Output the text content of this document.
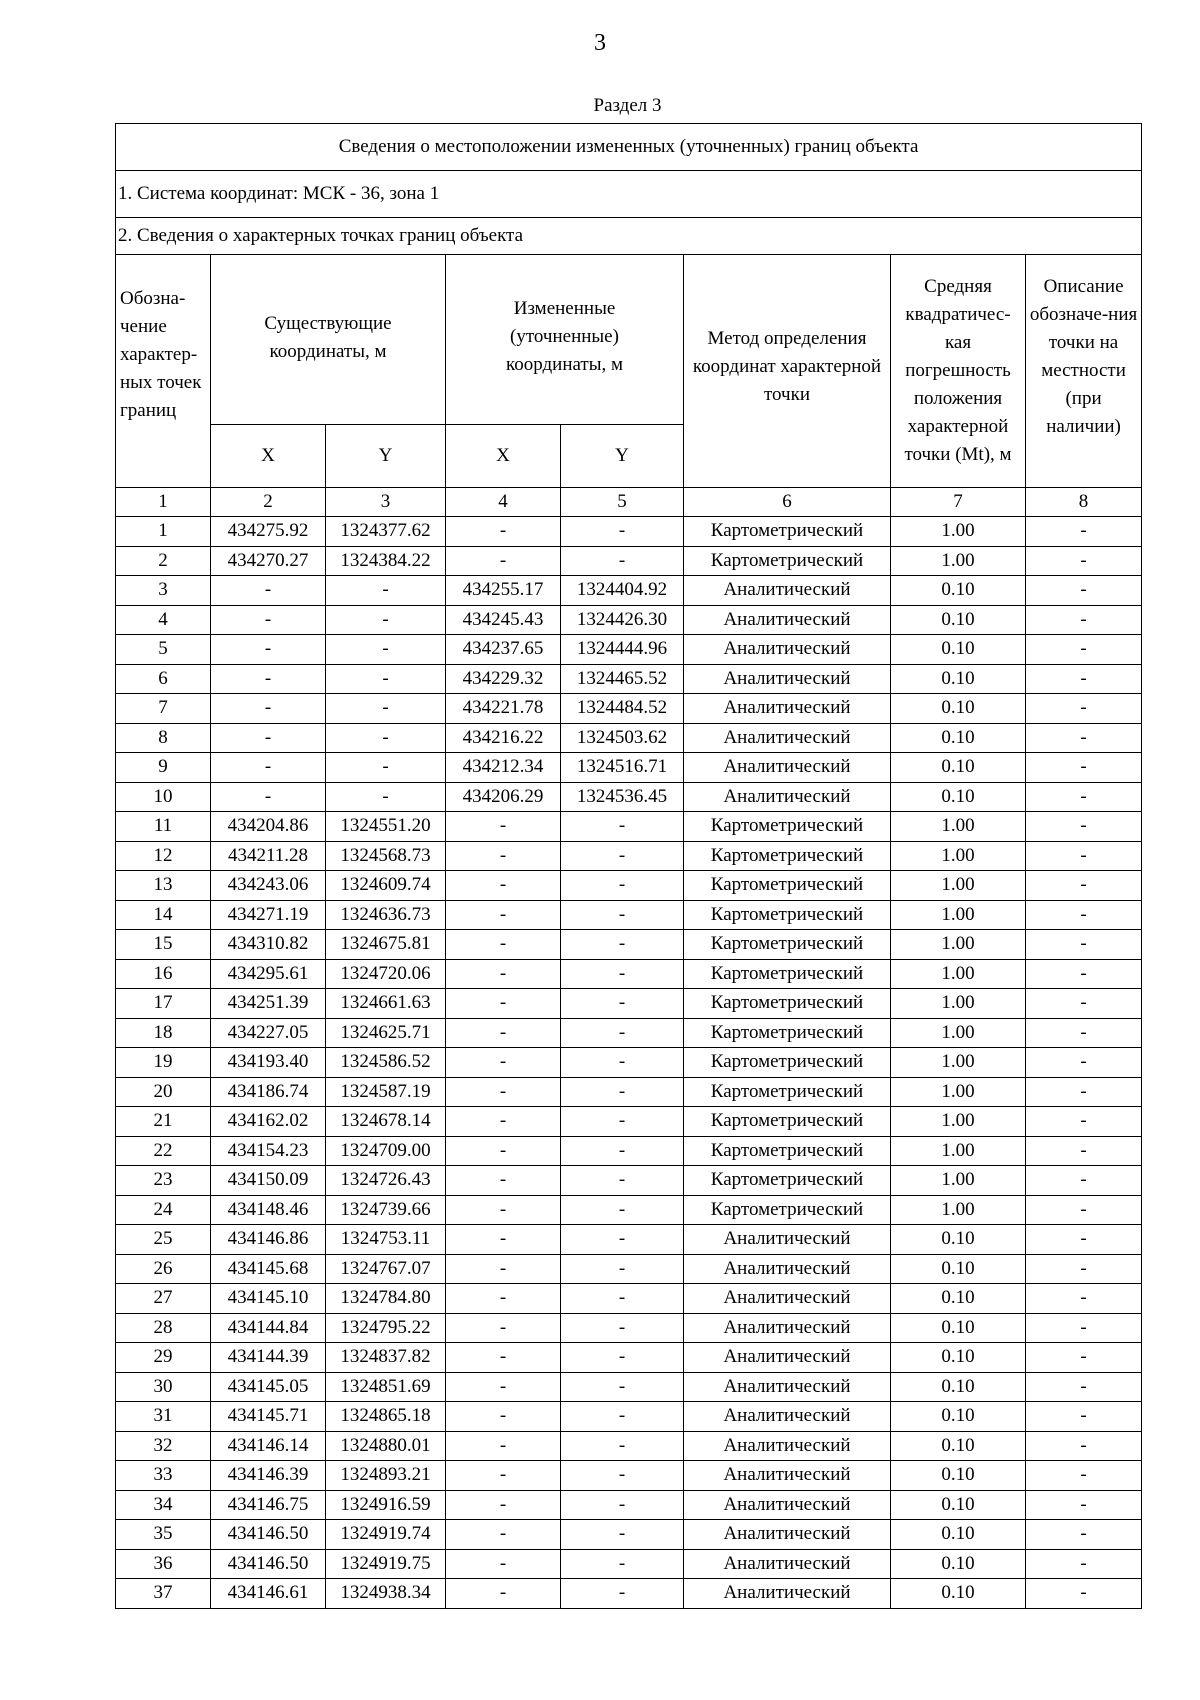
3
Раздел 3
Сведения о местоположении измененных (уточненных) границ объекта							
1. Система координат: МСК - 36, зона 1							
2. Сведения о характерных точках границ объекта							
Обозна-чение характер-ных точек границ	Существующие координаты, м		Измененные (уточненные) координаты, м		Метод определения координат характерной точки	Средняя квадратичес-кая погрешность положения характерной точки (Mt), м	Описание обозначе-ния точки на местности (при наличии)
	X	Y	X	Y			
1	2	3	4	5	6	7	8
1	434275.92	1324377.62	-	-	Картометрический	1.00	-
2	434270.27	1324384.22	-	-	Картометрический	1.00	-
3	-	-	434255.17	1324404.92	Аналитический	0.10	-
4	-	-	434245.43	1324426.30	Аналитический	0.10	-
5	-	-	434237.65	1324444.96	Аналитический	0.10	-
6	-	-	434229.32	1324465.52	Аналитический	0.10	-
7	-	-	434221.78	1324484.52	Аналитический	0.10	-
8	-	-	434216.22	1324503.62	Аналитический	0.10	-
9	-	-	434212.34	1324516.71	Аналитический	0.10	-
10	-	-	434206.29	1324536.45	Аналитический	0.10	-
11	434204.86	1324551.20	-	-	Картометрический	1.00	-
12	434211.28	1324568.73	-	-	Картометрический	1.00	-
13	434243.06	1324609.74	-	-	Картометрический	1.00	-
14	434271.19	1324636.73	-	-	Картометрический	1.00	-
15	434310.82	1324675.81	-	-	Картометрический	1.00	-
16	434295.61	1324720.06	-	-	Картометрический	1.00	-
17	434251.39	1324661.63	-	-	Картометрический	1.00	-
18	434227.05	1324625.71	-	-	Картометрический	1.00	-
19	434193.40	1324586.52	-	-	Картометрический	1.00	-
20	434186.74	1324587.19	-	-	Картометрический	1.00	-
21	434162.02	1324678.14	-	-	Картометрический	1.00	-
22	434154.23	1324709.00	-	-	Картометрический	1.00	-
23	434150.09	1324726.43	-	-	Картометрический	1.00	-
24	434148.46	1324739.66	-	-	Картометрический	1.00	-
25	434146.86	1324753.11	-	-	Аналитический	0.10	-
26	434145.68	1324767.07	-	-	Аналитический	0.10	-
27	434145.10	1324784.80	-	-	Аналитический	0.10	-
28	434144.84	1324795.22	-	-	Аналитический	0.10	-
29	434144.39	1324837.82	-	-	Аналитический	0.10	-
30	434145.05	1324851.69	-	-	Аналитический	0.10	-
31	434145.71	1324865.18	-	-	Аналитический	0.10	-
32	434146.14	1324880.01	-	-	Аналитический	0.10	-
33	434146.39	1324893.21	-	-	Аналитический	0.10	-
34	434146.75	1324916.59	-	-	Аналитический	0.10	-
35	434146.50	1324919.74	-	-	Аналитический	0.10	-
36	434146.50	1324919.75	-	-	Аналитический	0.10	-
37	434146.61	1324938.34	-	-	Аналитический	0.10	-
